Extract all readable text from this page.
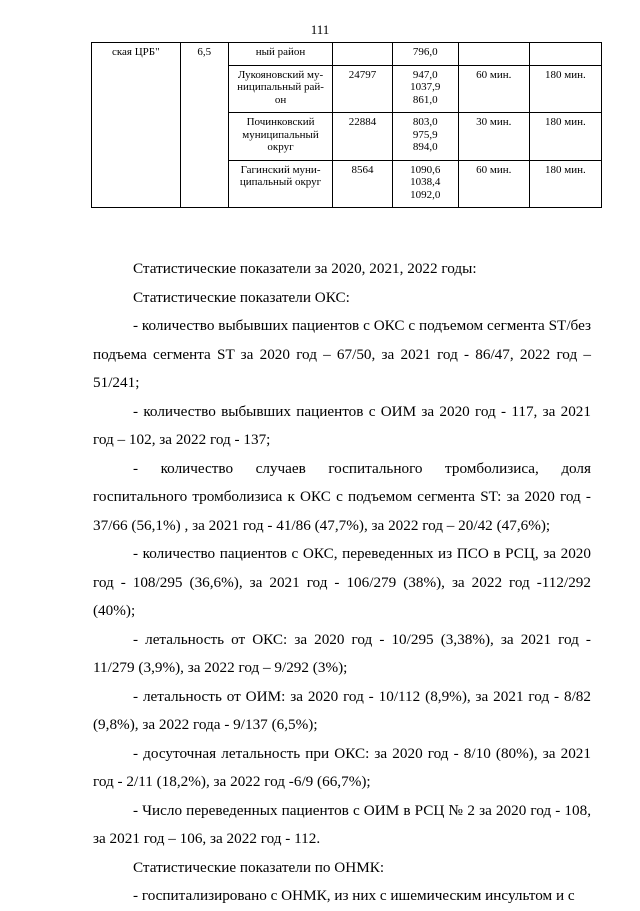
111
ская ЦРБ"	6,5	ный район		796,0		
		Лукояновский му-
ниципальный рай-
он	24797	947,0
1037,9
861,0	60 мин.	180 мин.
		Починковский
муниципальный
округ	22884	803,0
975,9
894,0	30 мин.	180 мин.
		Гагинский муни-
ципальный округ	8564	1090,6
1038,4
1092,0	60 мин.	180 мин.

Статистические показатели за 2020, 2021, 2022 годы:

Статистические показатели ОКС:

- количество выбывших пациентов с ОКС с подъемом сегмента ST/без подъема сегмента ST за 2020 год – 67/50, за 2021 год - 86/47, 2022 год – 51/241;

- количество выбывших пациентов с ОИМ за 2020 год - 117, за 2021 год – 102, за 2022 год - 137;

- количество случаев госпитального тромболизиса, доля госпитального тромболизиса к ОКС с подъемом сегмента ST: за 2020 год - 37/66 (56,1%) , за 2021 год - 41/86 (47,7%), за 2022 год – 20/42 (47,6%);

- количество пациентов с ОКС, переведенных из ПСО в РСЦ, за 2020 год - 108/295 (36,6%), за 2021 год - 106/279 (38%), за 2022 год -112/292 (40%);

- летальность от ОКС: за 2020 год - 10/295 (3,38%), за 2021 год - 11/279 (3,9%), за 2022 год – 9/292 (3%);

- летальность от ОИМ: за 2020 год - 10/112 (8,9%), за 2021 год - 8/82 (9,8%), за 2022 года - 9/137 (6,5%);

- досуточная летальность при ОКС: за 2020 год - 8/10 (80%), за 2021 год - 2/11 (18,2%), за 2022 год -6/9 (66,7%);

- Число переведенных пациентов с ОИМ в РСЦ № 2 за 2020 год - 108, за 2021 год – 106, за 2022 год - 112.

Статистические показатели по ОНМК:

- госпитализировано с ОНМК, из них с ишемическим инсультом и с
